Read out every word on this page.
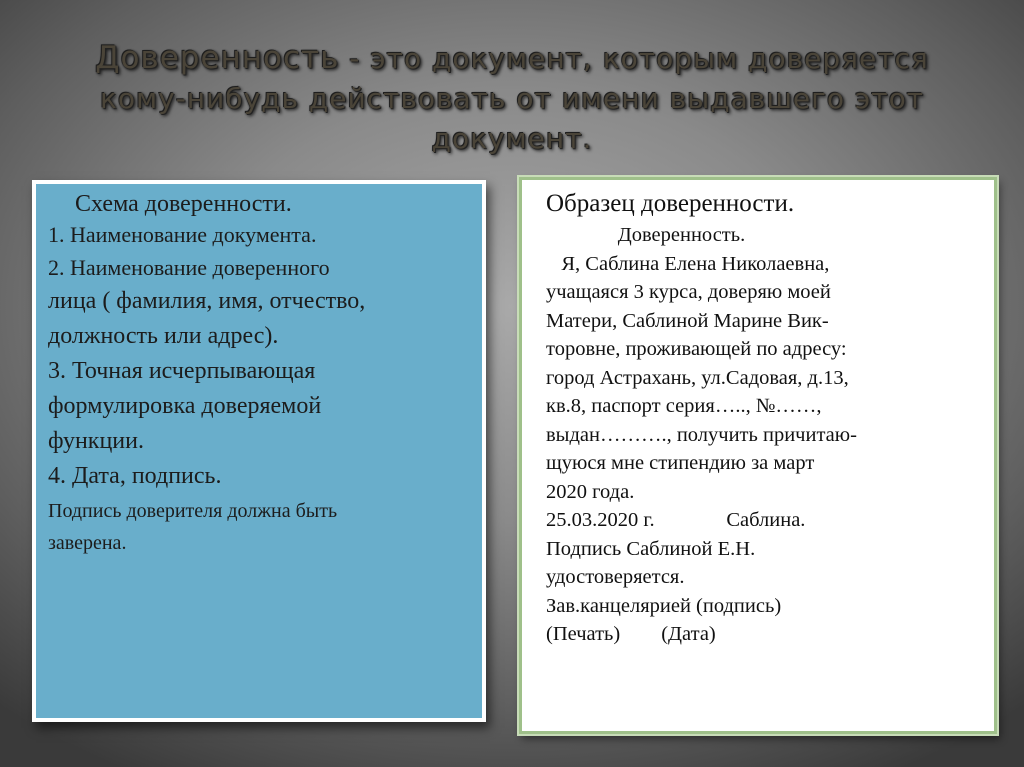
Доверенность - это документ, которым доверяется
кому-нибудь действовать от имени выдавшего этот
документ.
Схема доверенности.
1. Наименование документа.
2. Наименование доверенного
лица ( фамилия, имя, отчество,
должность или адрес).
3. Точная исчерпывающая
формулировка доверяемой
функции.
4. Дата, подпись.
Подпись доверителя должна быть
заверена.
Образец доверенности.
Доверенность.
Я, Саблина Елена Николаевна,
учащаяся 3 курса, доверяю моей
Матери, Саблиной Марине Вик-
торовне, проживающей по адресу:
город Астрахань, ул.Садовая, д.13,
кв.8, паспорт серия….., №……,
выдан………., получить причитаю-
щуюся мне стипендию за март
2020 года.
25.03.2020 г.              Саблина.
Подпись Саблиной Е.Н.
удостоверяется.
Зав.канцелярией (подпись)
(Печать)        (Дата)
